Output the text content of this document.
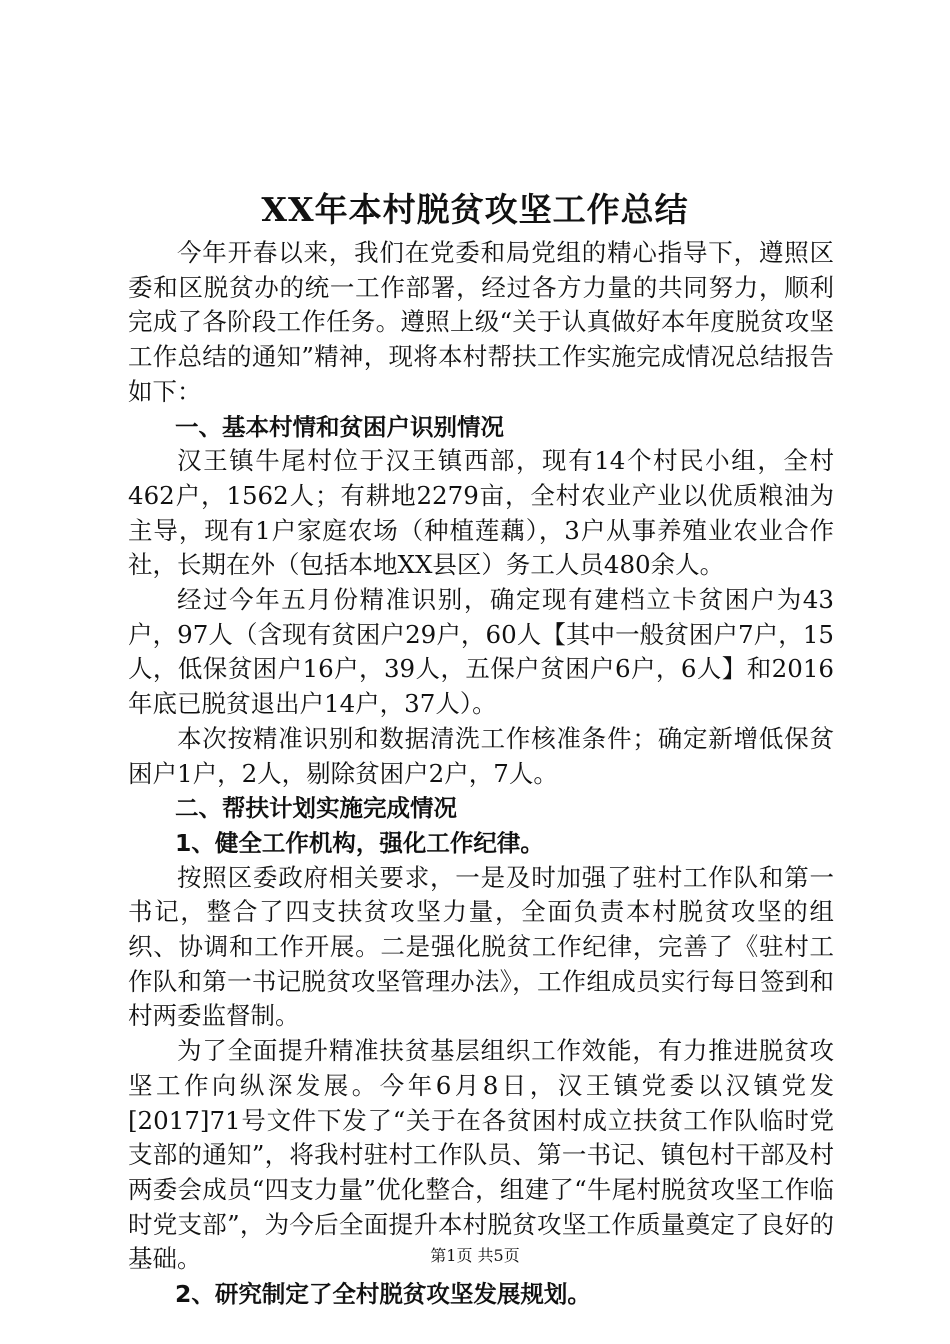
XX年本村脱贫攻坚工作总结

今年开春以来，我们在党委和局党组的精心指导下，遵照区委和区脱贫办的统一工作部署，经过各方力量的共同努力，顺利完成了各阶段工作任务。遵照上级“关于认真做好本年度脱贫攻坚工作总结的通知”精神，现将本村帮扶工作实施完成情况总结报告如下：

一、基本村情和贫困户识别情况

汉王镇牛尾村位于汉王镇西部，现有14个村民小组，全村462户，1562人；有耕地2279亩，全村农业产业以优质粮油为主导，现有1户家庭农场（种植莲藕），3户从事养殖业农业合作社，长期在外（包括本地XX县区）务工人员480余人。

经过今年五月份精准识别，确定现有建档立卡贫困户为43户，97人（含现有贫困户29户，60人【其中一般贫困户7户，15人，低保贫困户16户，39人，五保户贫困户6户，6人】和2016年底已脱贫退出户14户，37人）。

本次按精准识别和数据清洗工作核准条件；确定新增低保贫困户1户，2人，剔除贫困户2户，7人。

二、帮扶计划实施完成情况

1、健全工作机构，强化工作纪律。

按照区委政府相关要求，一是及时加强了驻村工作队和第一书记，整合了四支扶贫攻坚力量，全面负责本村脱贫攻坚的组织、协调和工作开展。二是强化脱贫工作纪律，完善了《驻村工作队和第一书记脱贫攻坚管理办法》，工作组成员实行每日签到和村两委监督制。

为了全面提升精准扶贫基层组织工作效能，有力推进脱贫攻坚工作向纵深发展。今年6月8日，汉王镇党委以汉镇党发[2017]71号文件下发了“关于在各贫困村成立扶贫工作队临时党支部的通知”，将我村驻村工作队员、第一书记、镇包村干部及村两委会成员“四支力量”优化整合，组建了“牛尾村脱贫攻坚工作临时党支部”，为今后全面提升本村脱贫攻坚工作质量奠定了良好的基础。

2、研究制定了全村脱贫攻坚发展规划。

第1页 共5页
